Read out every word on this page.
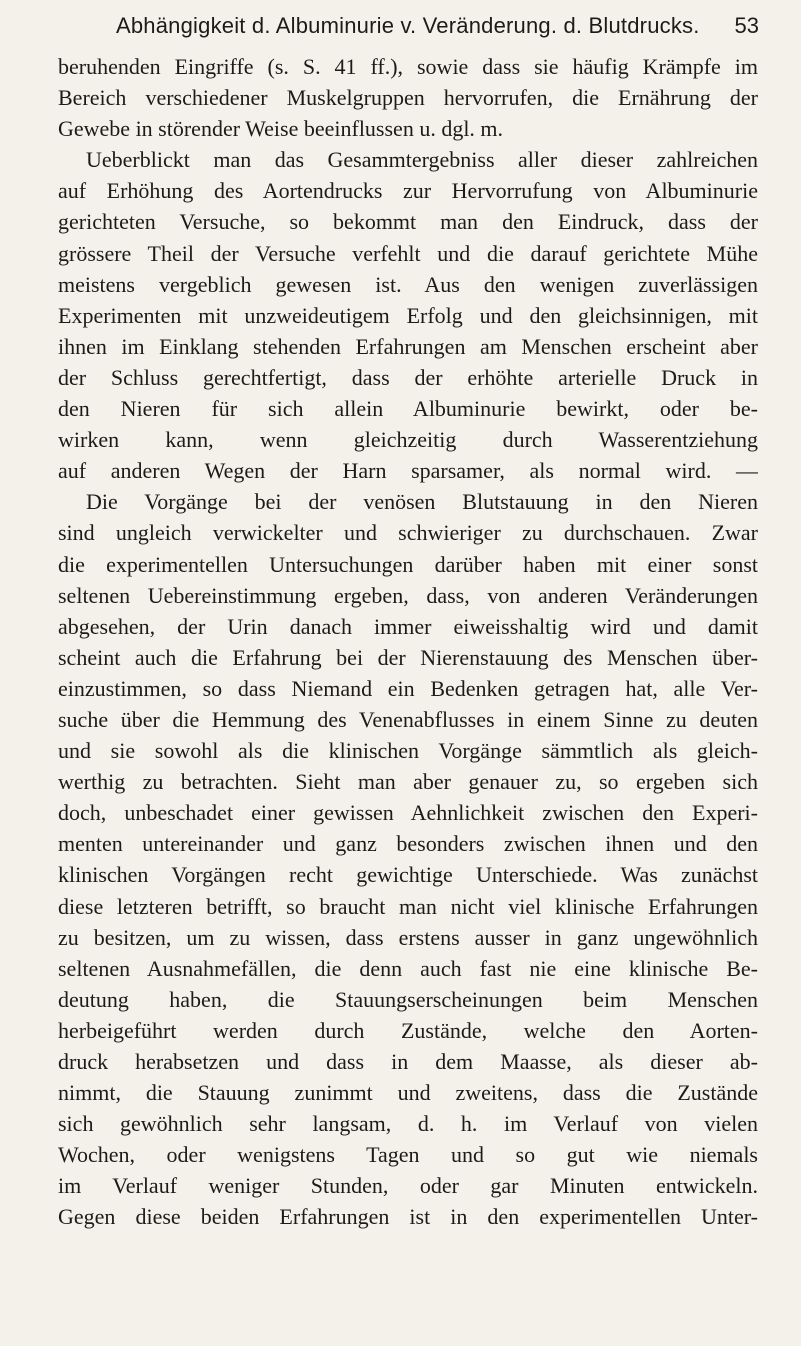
Abhängigkeit d. Albuminurie v. Veränderung. d. Blutdrucks. 53
beruhenden Eingriffe (s. S. 41 ff.), sowie dass sie häufig Krämpfe im
Bereich verschiedener Muskelgruppen hervorrufen, die Ernährung der
Gewebe in störender Weise beeinflussen u. dgl. m.
Ueberblickt man das Gesammtergebniss aller dieser zahlreichen
auf Erhöhung des Aortendrucks zur Hervorrufung von Albuminurie
gerichteten Versuche, so bekommt man den Eindruck, dass der
grössere Theil der Versuche verfehlt und die darauf gerichtete Mühe
meistens vergeblich gewesen ist. Aus den wenigen zuverlässigen
Experimenten mit unzweideutigem Erfolg und den gleichsinnigen, mit
ihnen im Einklang stehenden Erfahrungen am Menschen erscheint aber
der Schluss gerechtfertigt, dass der erhöhte arterielle Druck in
den Nieren für sich allein Albuminurie bewirkt, oder be-
wirken kann, wenn gleichzeitig durch Wasserentziehung
auf anderen Wegen der Harn sparsamer, als normal wird. —
Die Vorgänge bei der venösen Blutstauung in den Nieren
sind ungleich verwickelter und schwieriger zu durchschauen. Zwar
die experimentellen Untersuchungen darüber haben mit einer sonst
seltenen Uebereinstimmung ergeben, dass, von anderen Veränderungen
abgesehen, der Urin danach immer eiweisshaltig wird und damit
scheint auch die Erfahrung bei der Nierenstauung des Menschen über-
einzustimmen, so dass Niemand ein Bedenken getragen hat, alle Ver-
suche über die Hemmung des Venenabflusses in einem Sinne zu deuten
und sie sowohl als die klinischen Vorgänge sämmtlich als gleich-
werthig zu betrachten. Sieht man aber genauer zu, so ergeben sich
doch, unbeschadet einer gewissen Aehnlichkeit zwischen den Experi-
menten untereinander und ganz besonders zwischen ihnen und den
klinischen Vorgängen recht gewichtige Unterschiede. Was zunächst
diese letzteren betrifft, so braucht man nicht viel klinische Erfahrungen
zu besitzen, um zu wissen, dass erstens ausser in ganz ungewöhnlich
seltenen Ausnahmefällen, die denn auch fast nie eine klinische Be-
deutung haben, die Stauungserscheinungen beim Menschen
herbeigeführt werden durch Zustände, welche den Aorten-
druck herabsetzen und dass in dem Maasse, als dieser ab-
nimmt, die Stauung zunimmt und zweitens, dass die Zustände
sich gewöhnlich sehr langsam, d. h. im Verlauf von vielen
Wochen, oder wenigstens Tagen und so gut wie niemals
im Verlauf weniger Stunden, oder gar Minuten entwickeln.
Gegen diese beiden Erfahrungen ist in den experimentellen Unter-
